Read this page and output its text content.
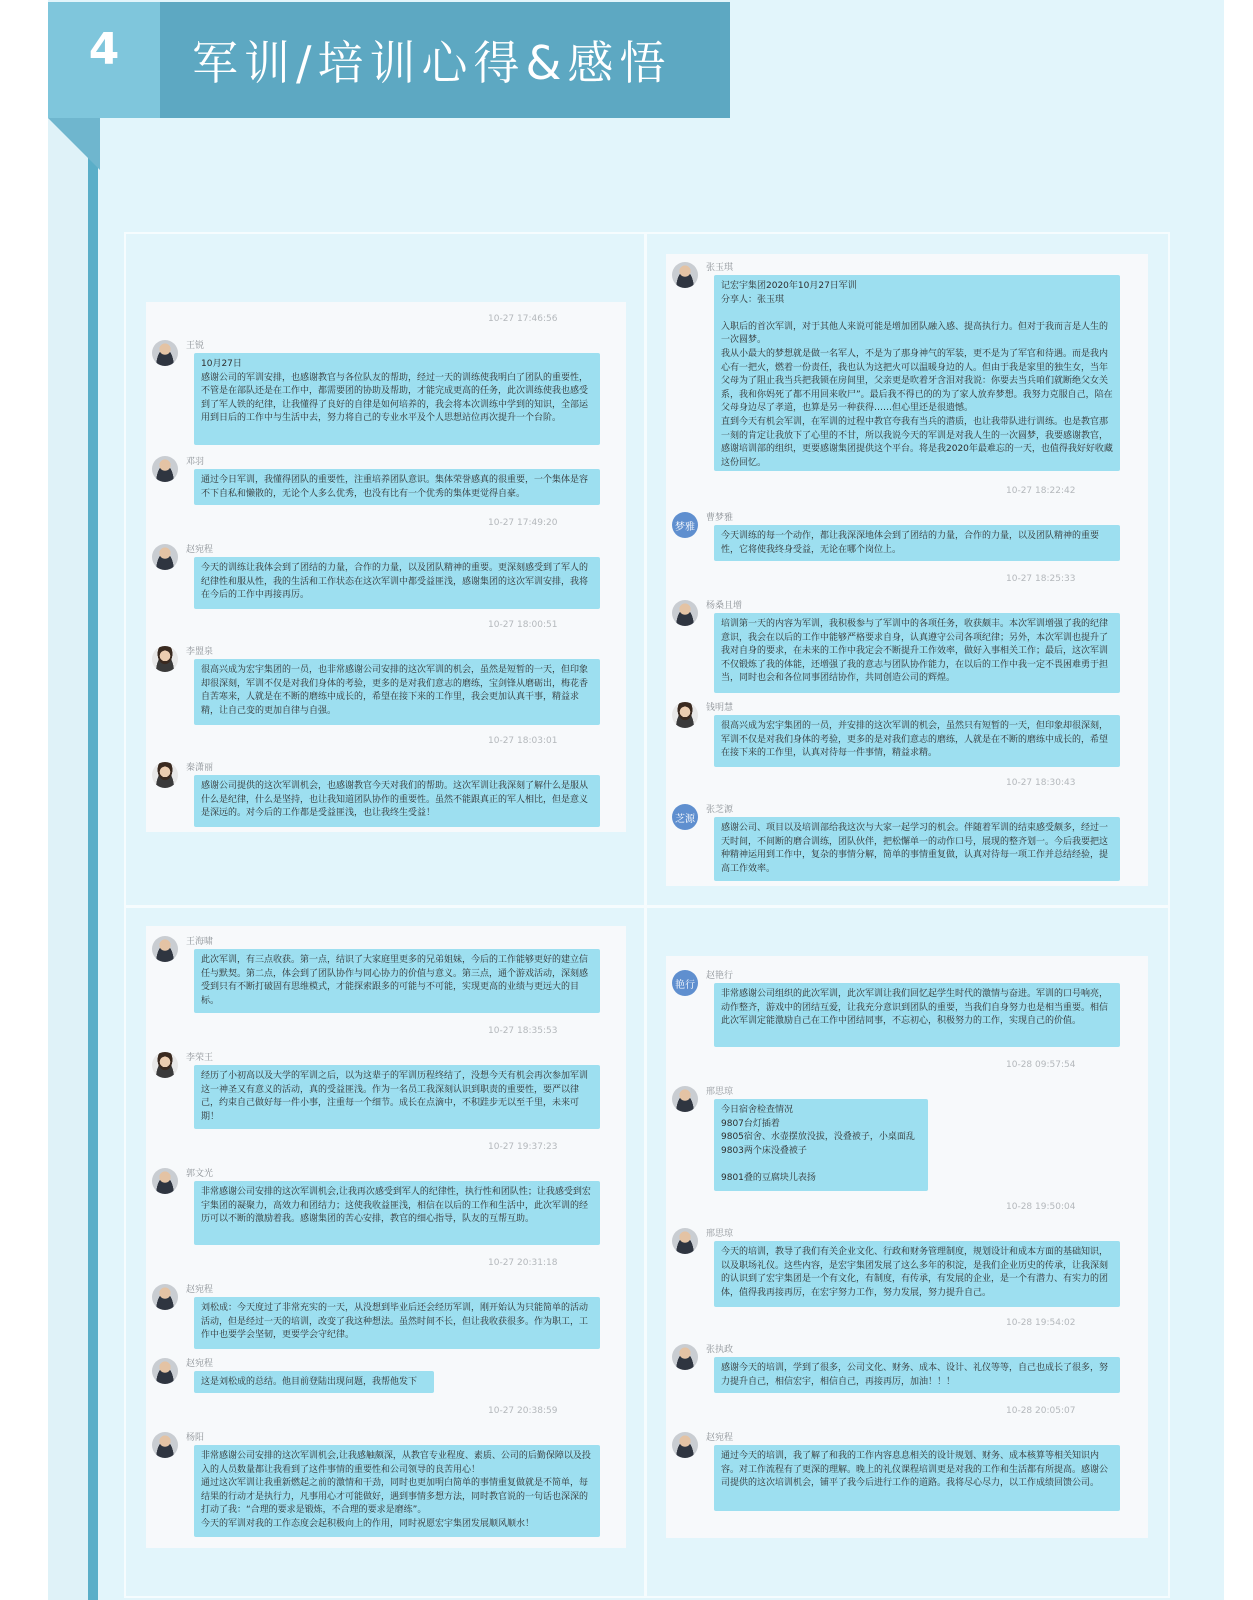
4	军训/培训心得&感悟
10-27 17:46:56
王锐
10月27日
感谢公司的军训安排，也感谢教官与各位队友的帮助，经过一天的训练使我明白了团队的重要性，不管是在部队还是在工作中，都需要团的协助及帮助，才能完成更高的任务，此次训练使我也感受到了军人铁的纪律，让我懂得了良好的自律是如何培养的，我会将本次训练中学到的知识，全部运用到日后的工作中与生活中去，努力将自己的专业水平及个人思想站位再次提升一个台阶。
邓羽
通过今日军训，我懂得团队的重要性，注重培养团队意识。集体荣誉感真的很重要，一个集体是容不下自私和懒散的，无论个人多么优秀，也没有比有一个优秀的集体更觉得自豪。
10-27 17:49:20
赵宛程
今天的训练让我体会到了团结的力量，合作的力量，以及团队精神的重要。更深刻感受到了军人的纪律性和服从性，我的生活和工作状态在这次军训中都受益匪浅，感谢集团的这次军训安排，我将在今后的工作中再接再厉。
10-27 18:00:51
李盟泉
很高兴成为宏宇集团的一员，也非常感谢公司安排的这次军训的机会，虽然是短暂的一天，但印象却很深刻，军训不仅是对我们身体的考验，更多的是对我们意志的磨练，宝剑锋从磨砺出，梅花香自苦寒来，人就是在不断的磨练中成长的，希望在接下来的工作里，我会更加认真干事，精益求精，让自己变的更加自律与自强。
10-27 18:03:01
秦潇丽
感谢公司提供的这次军训机会，也感谢教官今天对我们的帮助。这次军训让我深刻了解什么是服从什么是纪律，什么是坚持，也让我知道团队协作的重要性。虽然不能跟真正的军人相比，但是意义是深远的。对今后的工作都是受益匪浅，也让我终生受益！
张玉琪
记宏宇集团2020年10月27日军训
分享人：张玉琪

入职后的首次军训，对于其他人来说可能是增加团队融入感、提高执行力。但对于我而言是人生的一次圆梦。
我从小最大的梦想就是做一名军人，不是为了那身神气的军装，更不是为了军官和待遇。而是我内心有一把火，燃着一份责任，我也认为这把火可以温暖身边的人。但由于我是家里的独生女，当年父母为了阻止我当兵把我锁在房间里，父亲更是吹着牙含泪对我说：你要去当兵咱们就断绝父女关系，我和你妈死了都不用回来收尸”。最后我不得已的的为了家人放弃梦想。我努力克服自己，陪在父母身边尽了孝道，也算是另一种获得……但心里还是很遗憾。
直到今天有机会军训，在军训的过程中教官夸我有当兵的潜质，也让我带队进行训练。也是教官那一刻的肯定让我放下了心里的不甘，所以我说今天的军训是对我人生的一次圆梦，我要感谢教官，感谢培训部的组织，更要感谢集团提供这个平台。将是我2020年最难忘的一天，也值得我好好收藏这份回忆。
10-27 18:22:42
梦雅
曹梦雅
今天训练的每一个动作，都让我深深地体会到了团结的力量，合作的力量，以及团队精神的重要性，它将使我终身受益，无论在哪个岗位上。
10-27 18:25:33
杨桑且增
培训第一天的内容为军训，我积极参与了军训中的各项任务，收获颇丰。本次军训增强了我的纪律意识，我会在以后的工作中能够严格要求自身，认真遵守公司各项纪律；另外，本次军训也提升了我对自身的要求，在未来的工作中我定会不断提升工作效率，做好入事相关工作；最后，这次军训不仅锻炼了我的体能，还增强了我的意志与团队协作能力，在以后的工作中我一定不畏困难勇于担当，同时也会和各位同事团结协作，共同创造公司的辉煌。
钱明慧
很高兴成为宏宇集团的一员，并安排的这次军训的机会，虽然只有短暂的一天，但印象却很深刻，军训不仅是对我们身体的考验，更多的是对我们意志的磨练，人就是在不断的磨练中成长的，希望在接下来的工作里，认真对待每一件事情，精益求精。
10-27 18:30:43
芝源
张芝源
感谢公司、项目以及培训部给我这次与大家一起学习的机会。伴随着军训的结束感受颇多，经过一天时间，不间断的磨合训练，团队伙伴，把松懈单一的动作口号，展现的整齐划一。今后我要把这种精神运用到工作中，复杂的事情分解，简单的事情重复做，认真对待每一项工作并总结经验，提高工作效率。
王海啸
此次军训，有三点收获。第一点，结识了大家庭里更多的兄弟姐妹，今后的工作能够更好的建立信任与默契。第二点，体会到了团队协作与同心协力的价值与意义。第三点，通个游戏活动，深刻感受到只有不断打破固有思维模式，才能探索跟多的可能与不可能，实现更高的业绩与更远大的目标。
10-27 18:35:53
李荣王
经历了小初高以及大学的军训之后，以为这辈子的军训历程终结了，没想今天有机会再次参加军训这一神圣又有意义的活动，真的受益匪浅。作为一名员工我深刻认识到职责的重要性，要严以律己，约束自己做好每一件小事，注重每一个细节。成长在点滴中，不积跬步无以至千里，未来可期！
10-27 19:37:23
郭文光
非常感谢公司安排的这次军训机会,让我再次感受到军人的纪律性，执行性和团队性；让我感受到宏宇集团的凝聚力，高效力和团结力；这使我收益匪浅，相信在以后的工作和生活中，此次军训的经历可以不断的激励着我。感谢集团的苦心安排，教官的细心指导，队友的互帮互助。
10-27 20:31:18
赵宛程
刘松成：今天度过了非常充实的一天，从没想到毕业后还会经历军训，刚开始认为只能简单的活动活动，但是经过一天的培训，改变了我这种想法。虽然时间不长，但让我收获很多。作为职工，工作中也要学会坚韧，更要学会守纪律。
赵宛程
这是刘松成的总结。他目前登陆出现问题，我帮他发下
10-27 20:38:59
杨阳
非常感谢公司安排的这次军训机会,让我感触颇深，从教官专业程度、素质、公司的后勤保障以及投入的人员数量都让我看到了这件事情的重要性和公司领导的良苦用心！
通过这次军训让我重新燃起之前的激情和干劲，同时也更加明白简单的事情重复做就是不简单，每结果的行动才是执行力，凡事用心才可能做好，遇到事情多想方法，同时教官说的一句话也深深的打动了我：“合理的要求是锻炼，不合理的要求是磨练”。
今天的军训对我的工作态度会起积极向上的作用，同时祝愿宏宇集团发展顺风顺水！
艳行
赵艳行
非常感谢公司组织的此次军训，此次军训让我们回忆起学生时代的激情与奋进。军训的口号响亮，动作整齐，游戏中的团结互爱，让我充分意识到团队的重要，当我们自身努力也是相当重要。相信此次军训定能激励自己在工作中团结同事，不忘初心，积极努力的工作，实现自己的价值。
10-28 09:57:54
邢思琼
今日宿舍检查情况
9807台灯插着
9805宿舍、水壶摆放没拔，没叠被子，小桌面乱
9803两个床没叠被子

9801叠的豆腐块儿表扬
10-28 19:50:04
邢思琼
今天的培训，教导了我们有关企业文化、行政和财务管理制度，规划设计和成本方面的基础知识，以及职场礼仪。这些内容，是宏宇集团发展了这么多年的积淀，是我们企业历史的传承，让我深刻的认识到了宏宇集团是一个有文化，有制度，有传承，有发展的企业，是一个有潜力、有实力的团体，值得我再接再厉，在宏宇努力工作，努力发展，努力提升自己。
10-28 19:54:02
张执政
感谢今天的培训，学到了很多，公司文化、财务、成本、设计、礼仪等等，自己也成长了很多，努力提升自己，相信宏宇，相信自己，再接再厉，加油！！！
10-28 20:05:07
赵宛程
通过今天的培训，我了解了和我的工作内容息息相关的设计规划、财务、成本核算等相关知识内容。对工作流程有了更深的理解。晚上的礼仪课程培训更是对我的工作和生活都有所提高。感谢公司提供的这次培训机会，铺平了我今后进行工作的道路。我将尽心尽力，以工作成绩回馈公司。
